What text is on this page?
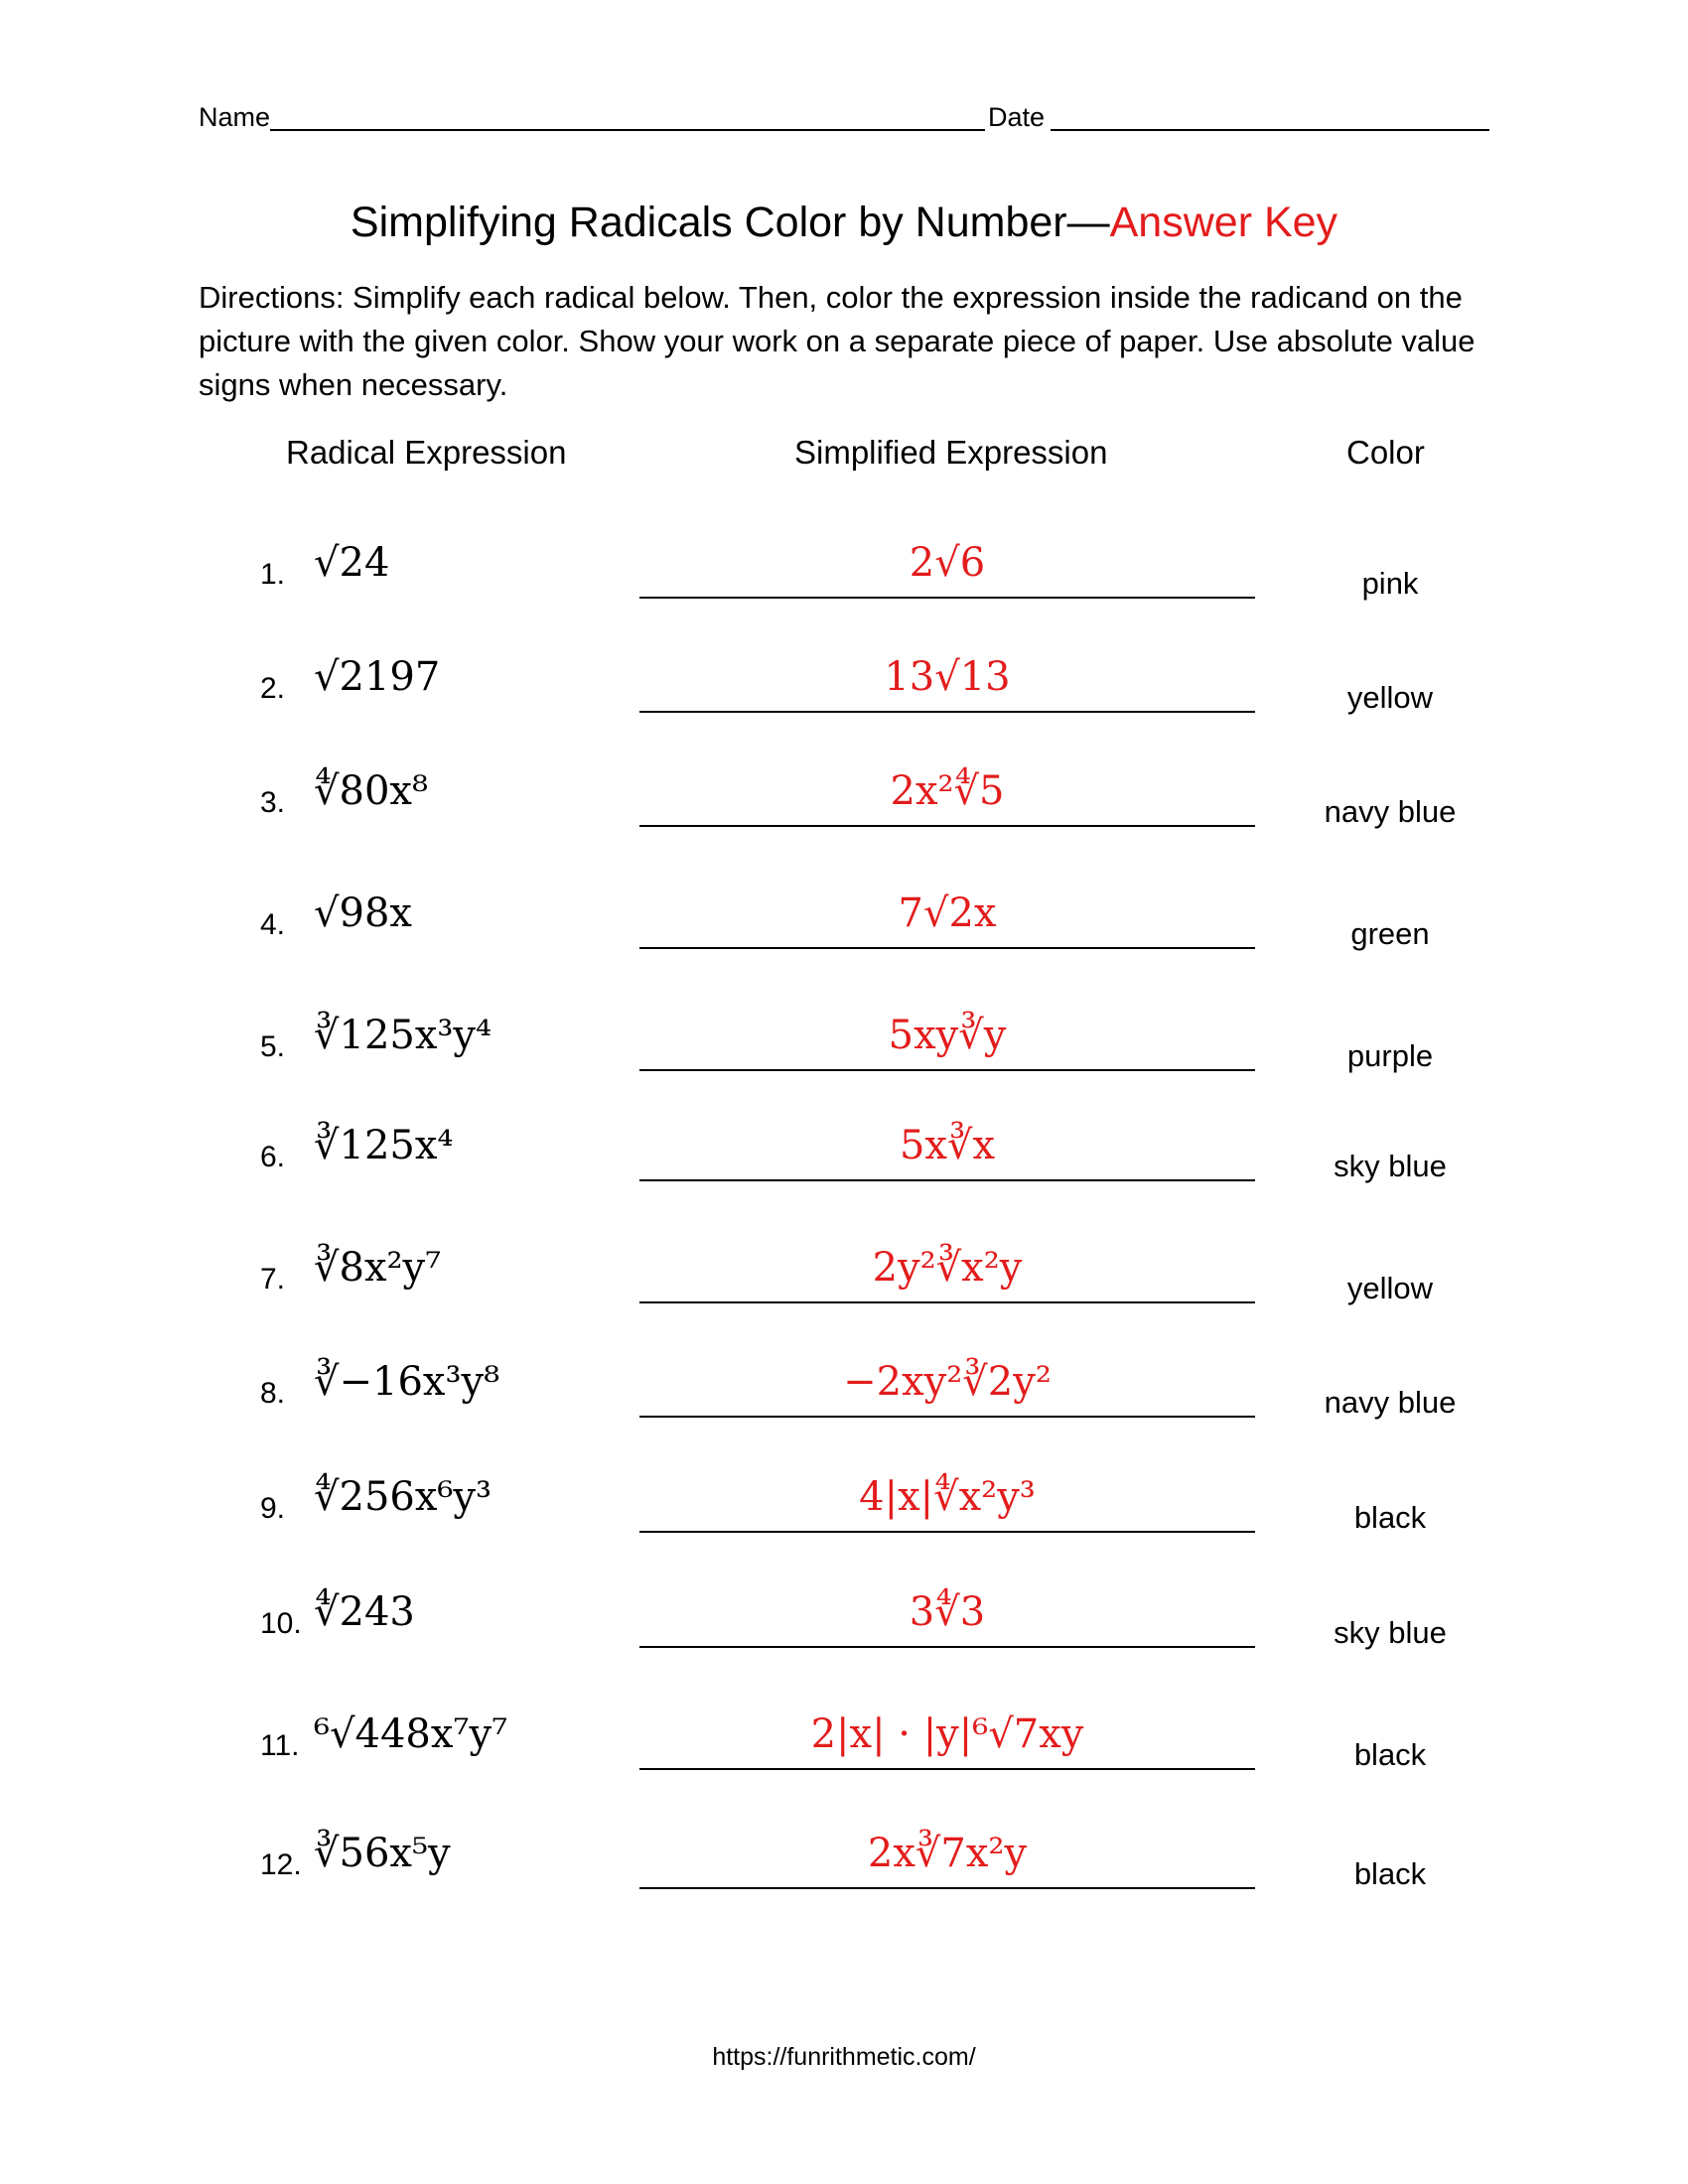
Name	Date
Simplifying Radicals Color by Number—Answer Key
Directions: Simplify each radical below. Then, color the expression inside the radicand on the picture with the given color. Show your work on a separate piece of paper. Use absolute value signs when necessary.
Radical Expression	Simplified Expression	Color
1. √24	2√6	pink
2. √2197	13√13	yellow
3. ∜80x⁸	2x²∜5	navy blue
4. √98x	7√2x	green
5. ∛125x³y⁴	5xy∛y	purple
6. ∛125x⁴	5x∛x	sky blue
7. ∛8x²y⁷	2y²∛x²y	yellow
8. ∛−16x³y⁸	−2xy²∛2y²	navy blue
9. ∜256x⁶y³	4|x|∜x²y³	black
10. ∜243	3∜3	sky blue
11. ⁶√448x⁷y⁷	2|x| · |y|⁶√7xy	black
12. ∛56x⁵y	2x∛7x²y	black
https://funrithmetic.com/
